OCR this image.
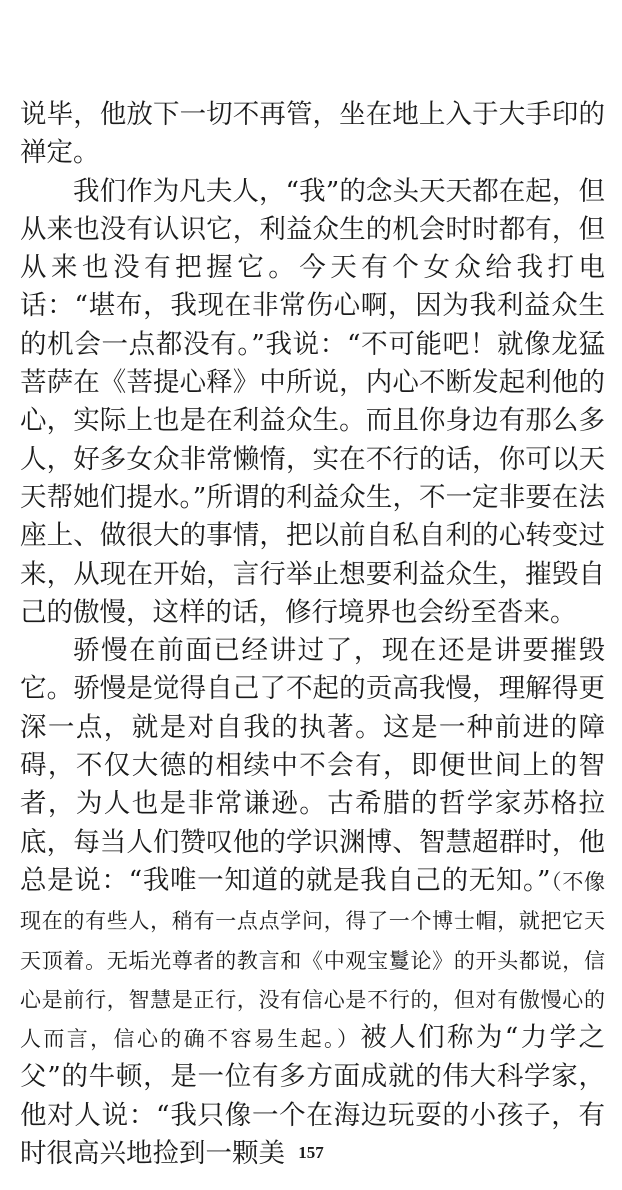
说毕，他放下一切不再管，坐在地上入于大手印的禅定。

我们作为凡夫人，“我”的念头天天都在起，但从来也没有认识它，利益众生的机会时时都有，但从来也没有把握它。今天有个女众给我打电话：“堪布，我现在非常伤心啊，因为我利益众生的机会一点都没有。”我说：“不可能吧！就像龙猛菩萨在《菩提心释》中所说，内心不断发起利他的心，实际上也是在利益众生。而且你身边有那么多人，好多女众非常懒惰，实在不行的话，你可以天天帮她们提水。”所谓的利益众生，不一定非要在法座上、做很大的事情，把以前自私自利的心转变过来，从现在开始，言行举止想要利益众生，摧毁自己的傲慢，这样的话，修行境界也会纷至沓来。

骄慢在前面已经讲过了，现在还是讲要摧毁它。骄慢是觉得自己了不起的贡高我慢，理解得更深一点，就是对自我的执著。这是一种前进的障碍，不仅大德的相续中不会有，即便世间上的智者，为人也是非常谦逊。古希腊的哲学家苏格拉底，每当人们赞叹他的学识渊博、智慧超群时，他总是说：“我唯一知道的就是我自己的无知。”（不像现在的有些人，稍有一点点学问，得了一个博士帽，就把它天天顶着。无垢光尊者的教言和《中观宝鬘论》的开头都说，信心是前行，智慧是正行，没有信心是不行的，但对有傲慢心的人而言，信心的确不容易生起。）被人们称为“力学之父”的牛顿，是一位有多方面成就的伟大科学家，他对人说：“我只像一个在海边玩耍的小孩子，有时很高兴地捡到一颗美 157
